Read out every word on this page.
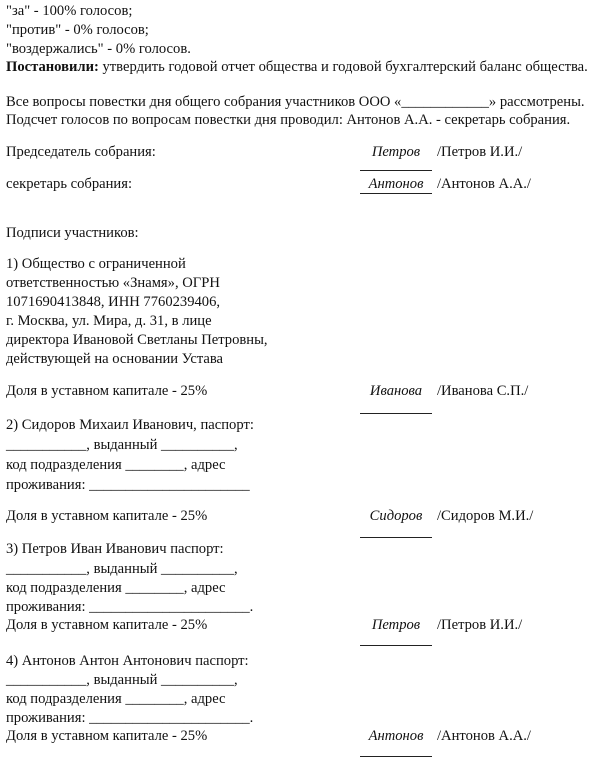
"за" - 100% голосов;
"против" - 0% голосов;
"воздержались" - 0% голосов.
Постановили: утвердить годовой отчет общества и годовой бухгалтерский баланс общества.
Все вопросы повестки дня общего собрания участников ООО «____________» рассмотрены.
Подсчет голосов по вопросам повестки дня проводил: Антонов А.А. - секретарь собрания.
Председатель собрания:	Петров	/Петров И.И./
секретарь собрания:	Антонов /Антонов А.А./
Подписи участников:
1) Общество с ограниченной
ответственностью «Знамя», ОГРН
1071690413848, ИНН 7760239406,
г. Москва, ул. Мира, д. 31, в лице
директора Ивановой Светланы Петровны,
действующей на основании Устава
Доля в уставном капитале - 25%	Иванова	/Иванова С.П./
2) Сидоров Михаил Иванович, паспорт:
___________, выданный __________,
код подразделения ________, адрес
проживания: ______________________
Доля в уставном капитале - 25%	Сидоров	/Сидоров М.И./
3) Петров Иван Иванович паспорт:
___________, выданный __________,
код подразделения ________, адрес
проживания: ______________________.
Доля в уставном капитале - 25%	Петров	/Петров И.И./
4) Антонов Антон Антонович паспорт:
___________, выданный __________,
код подразделения ________, адрес
проживания: ______________________.
Доля в уставном капитале - 25%	Антонов /Антонов А.А./
